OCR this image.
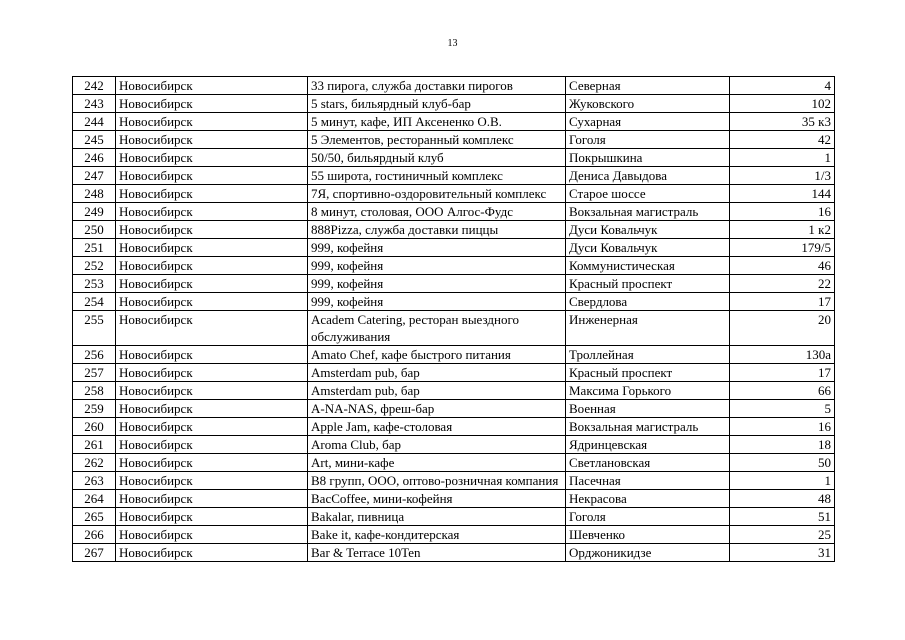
13
242	Новосибирск	33 пирога, служба доставки пирогов	Северная	4
243	Новосибирск	5 stars, бильярдный клуб-бар	Жуковского	102
244	Новосибирск	5 минут, кафе, ИП Аксененко О.В.	Сухарная	35 к3
245	Новосибирск	5 Элементов, ресторанный комплекс	Гоголя	42
246	Новосибирск	50/50, бильярдный клуб	Покрышкина	1
247	Новосибирск	55 широта, гостиничный комплекс	Дениса Давыдова	1/3
248	Новосибирск	7Я, спортивно-оздоровительный комплекс	Старое шоссе	144
249	Новосибирск	8 минут, столовая, ООО Алгос-Фудс	Вокзальная магистраль	16
250	Новосибирск	888Pizza, служба доставки пиццы	Дуси Ковальчук	1 к2
251	Новосибирск	999, кофейня	Дуси Ковальчук	179/5
252	Новосибирск	999, кофейня	Коммунистическая	46
253	Новосибирск	999, кофейня	Красный проспект	22
254	Новосибирск	999, кофейня	Свердлова	17
255	Новосибирск	Academ Catering, ресторан выездного обслуживания	Инженерная	20
256	Новосибирск	Amato Chef, кафе быстрого питания	Троллейная	130а
257	Новосибирск	Amsterdam pub, бар	Красный проспект	17
258	Новосибирск	Amsterdam pub, бар	Максима Горького	66
259	Новосибирск	A-NA-NAS, фреш-бар	Военная	5
260	Новосибирск	Apple Jam, кафе-столовая	Вокзальная магистраль	16
261	Новосибирск	Aroma Club, бар	Ядринцевская	18
262	Новосибирск	Art, мини-кафе	Светлановская	50
263	Новосибирск	B8 групп, ООО, оптово-розничная компания	Пасечная	1
264	Новосибирск	BacCoffee, мини-кофейня	Некрасова	48
265	Новосибирск	Bakalar, пивница	Гоголя	51
266	Новосибирск	Bake it, кафе-кондитерская	Шевченко	25
267	Новосибирск	Bar & Terrace 10Ten	Орджоникидзе	31
